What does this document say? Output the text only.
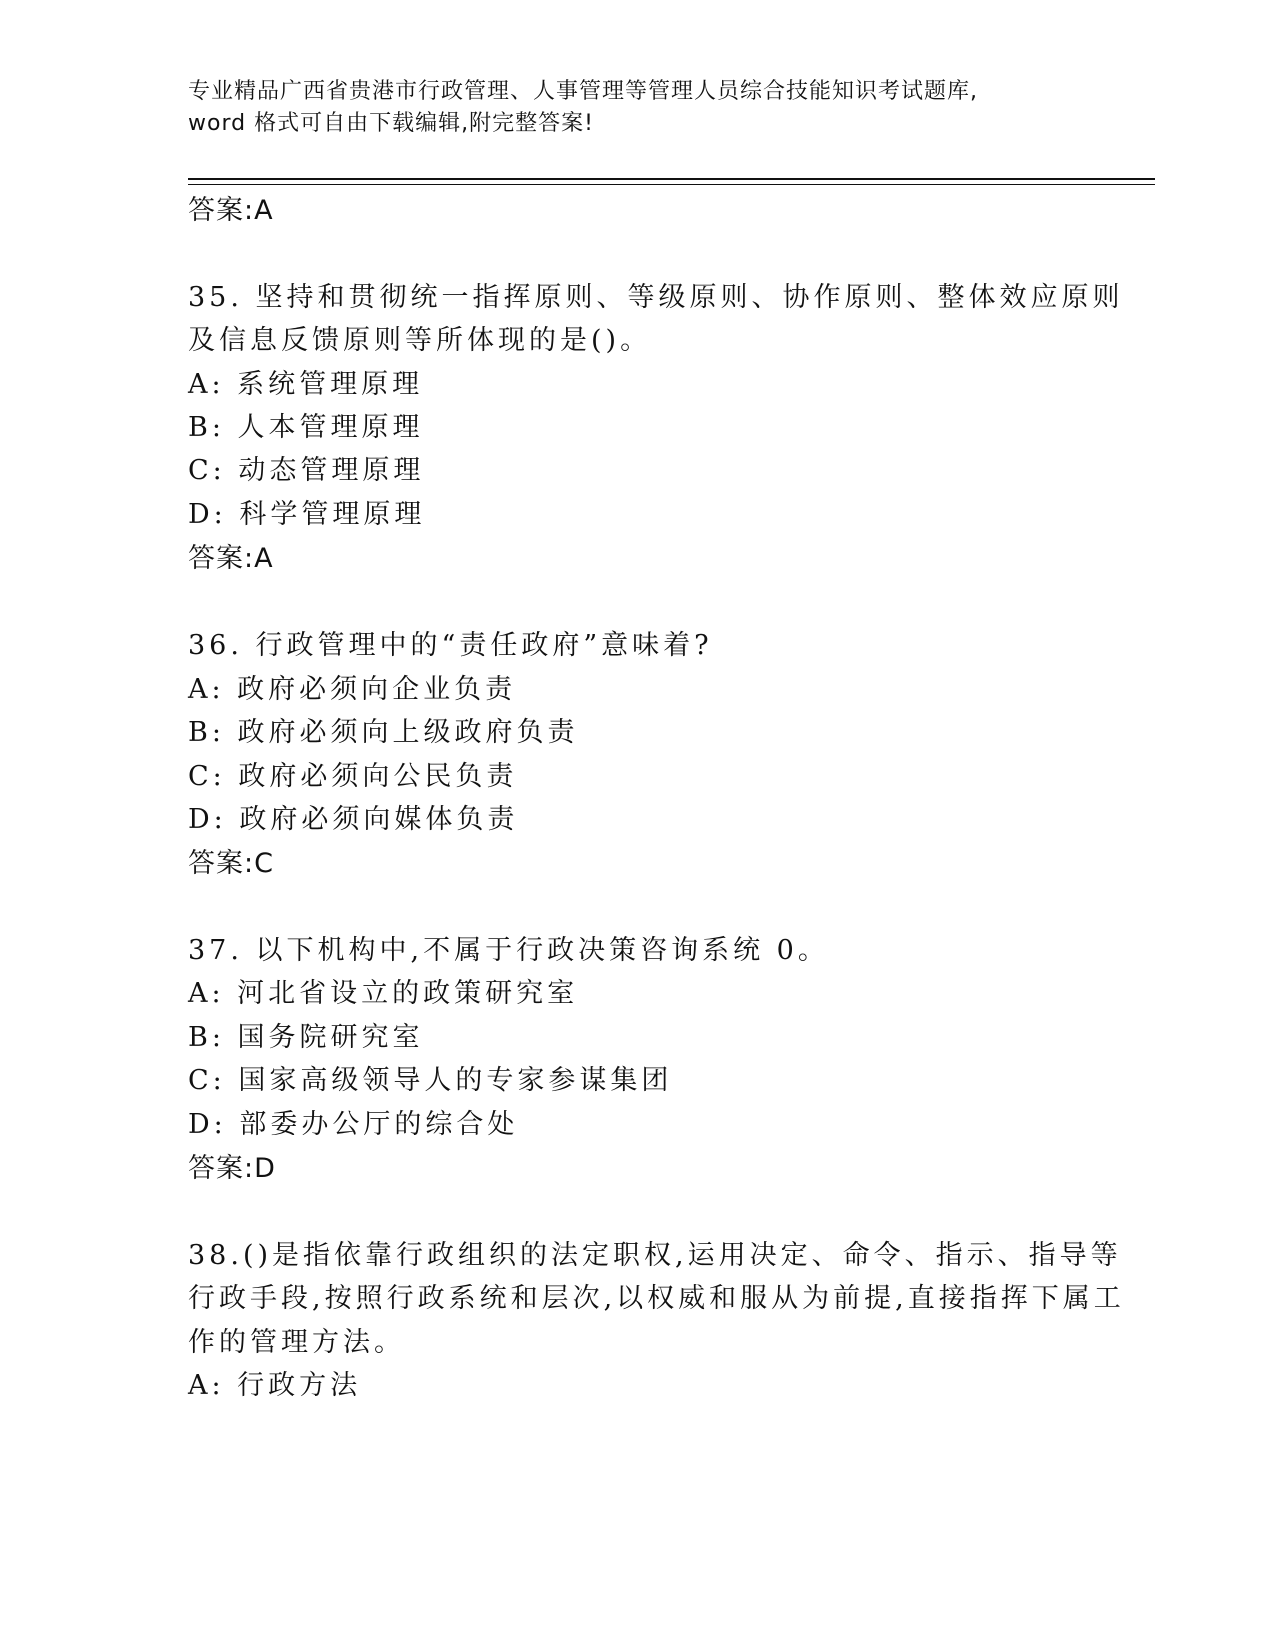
专业精品广西省贵港市行政管理、人事管理等管理人员综合技能知识考试题库,
word 格式可自由下载编辑,附完整答案!
答案:A
35. 坚持和贯彻统一指挥原则、等级原则、协作原则、整体效应原则
及信息反馈原则等所体现的是()。
A: 系统管理原理
B: 人本管理原理
C: 动态管理原理
D: 科学管理原理
答案:A
36. 行政管理中的“责任政府”意味着?
A: 政府必须向企业负责
B: 政府必须向上级政府负责
C: 政府必须向公民负责
D: 政府必须向媒体负责
答案:C
37. 以下机构中,不属于行政决策咨询系统 0。
A: 河北省设立的政策研究室
B: 国务院研究室
C: 国家高级领导人的专家参谋集团
D: 部委办公厅的综合处
答案:D
38.()是指依靠行政组织的法定职权,运用决定、命令、指示、指导等
行政手段,按照行政系统和层次,以权威和服从为前提,直接指挥下属工
作的管理方法。
A: 行政方法
